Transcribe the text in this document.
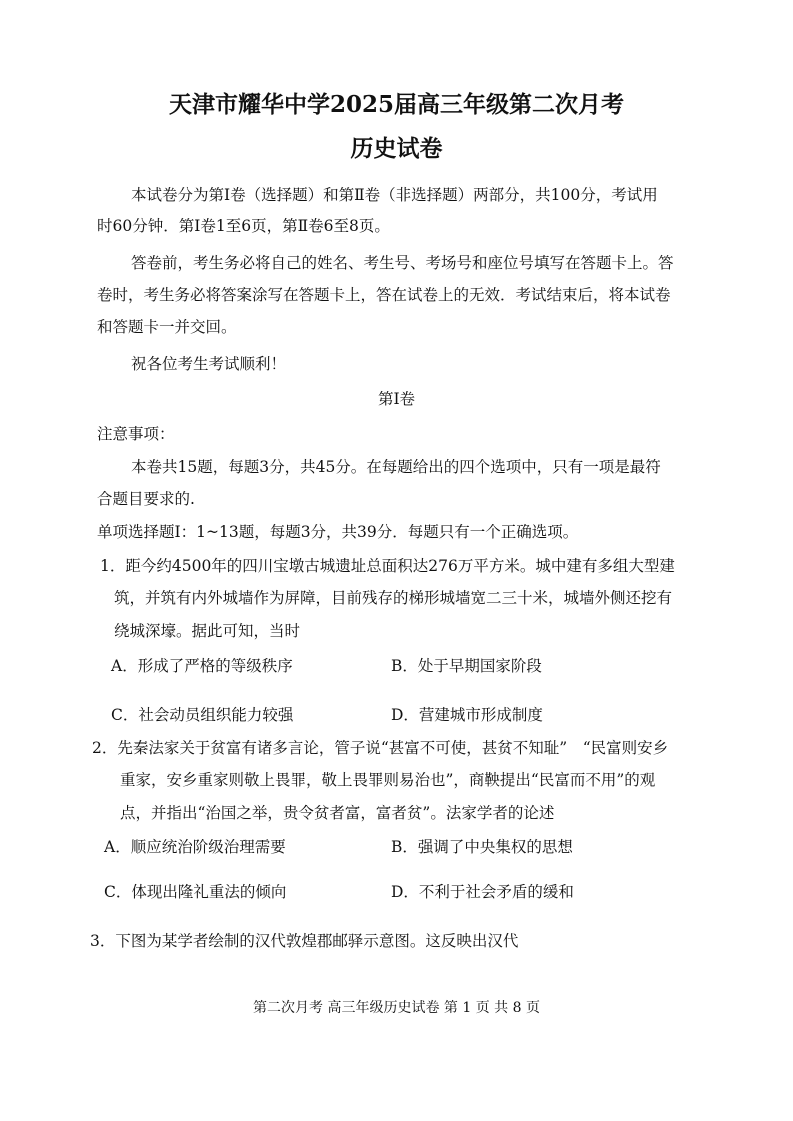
天津市耀华中学2025届高三年级第二次月考
历史试卷
本试卷分为第Ⅰ卷（选择题）和第Ⅱ卷（非选择题）两部分，共100分，考试用
时60分钟．第Ⅰ卷1至6页，第Ⅱ卷6至8页。
答卷前，考生务必将自己的姓名、考生号、考场号和座位号填写在答题卡上。答
卷时，考生务必将答案涂写在答题卡上，答在试卷上的无效．考试结束后，将本试卷
和答题卡一并交回。
祝各位考生考试顺利！
第Ⅰ卷
注意事项：
本卷共15题，每题3分，共45分。在每题给出的四个选项中，只有一项是最符
合题目要求的.
单项选择题Ⅰ：1~13题，每题3分，共39分．每题只有一个正确选项。
1．距今约4500年的四川宝墩古城遗址总面积达276万平方米。城中建有多组大型建
筑，并筑有内外城墙作为屏障，目前残存的梯形城墙宽二三十米，城墙外侧还挖有
绕城深壕。据此可知，当时
A．形成了严格的等级秩序	B．处于早期国家阶段
C．社会动员组织能力较强	D．营建城市形成制度
2．先秦法家关于贫富有诸多言论，管子说“甚富不可使，甚贫不知耻”　“民富则安乡
重家，安乡重家则敬上畏罪，敬上畏罪则易治也”，商鞅提出“民富而不用”的观
点，并指出“治国之举，贵令贫者富，富者贫”。法家学者的论述
A．顺应统治阶级治理需要	B．强调了中央集权的思想
C．体现出隆礼重法的倾向	D．不利于社会矛盾的缓和
3．下图为某学者绘制的汉代敦煌郡邮驿示意图。这反映出汉代
第二次月考 高三年级历史试卷 第 1 页 共 8 页
